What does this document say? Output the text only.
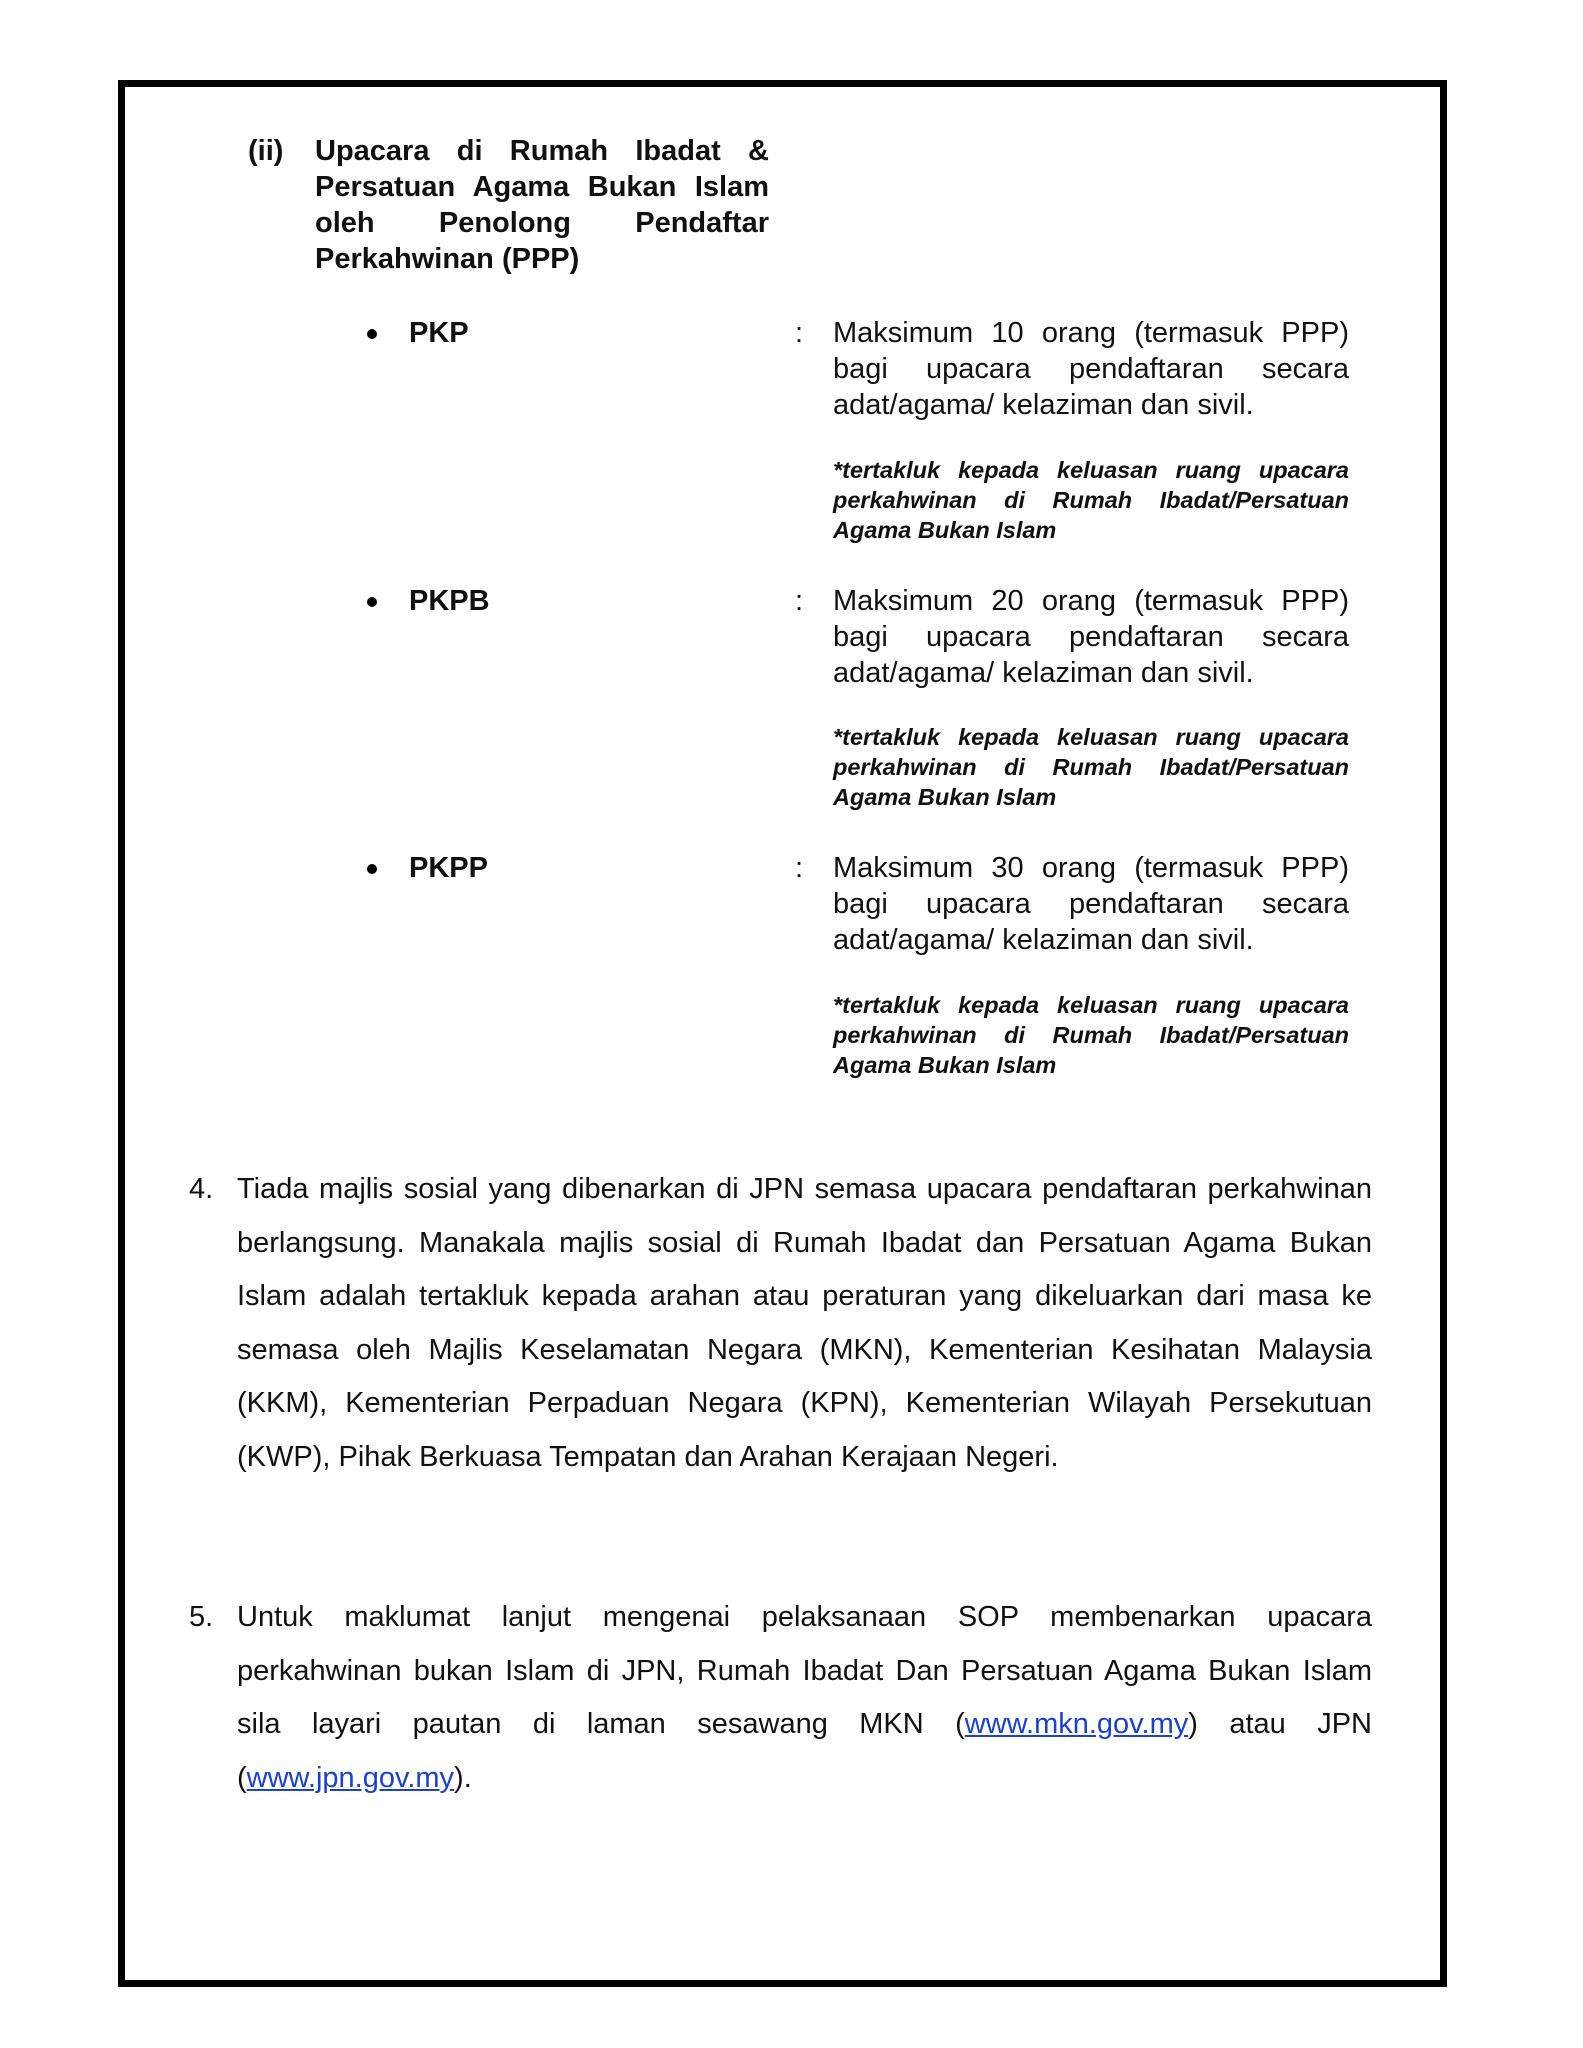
(ii) Upacara di Rumah Ibadat & Persatuan Agama Bukan Islam oleh Penolong Pendaftar Perkahwinan (PPP)
PKP	: Maksimum 10 orang (termasuk PPP) bagi upacara pendaftaran secara adat/agama/ kelaziman dan sivil.
*tertakluk kepada keluasan ruang upacara perkahwinan di Rumah Ibadat/Persatuan Agama Bukan Islam
PKPB	: Maksimum 20 orang (termasuk PPP) bagi upacara pendaftaran secara adat/agama/ kelaziman dan sivil.
*tertakluk kepada keluasan ruang upacara perkahwinan di Rumah Ibadat/Persatuan Agama Bukan Islam
PKPP	: Maksimum 30 orang (termasuk PPP) bagi upacara pendaftaran secara adat/agama/ kelaziman dan sivil.
*tertakluk kepada keluasan ruang upacara perkahwinan di Rumah Ibadat/Persatuan Agama Bukan Islam
4. Tiada majlis sosial yang dibenarkan di JPN semasa upacara pendaftaran perkahwinan berlangsung. Manakala majlis sosial di Rumah Ibadat dan Persatuan Agama Bukan Islam adalah tertakluk kepada arahan atau peraturan yang dikeluarkan dari masa ke semasa oleh Majlis Keselamatan Negara (MKN), Kementerian Kesihatan Malaysia (KKM), Kementerian Perpaduan Negara (KPN), Kementerian Wilayah Persekutuan (KWP), Pihak Berkuasa Tempatan dan Arahan Kerajaan Negeri.
5. Untuk maklumat lanjut mengenai pelaksanaan SOP membenarkan upacara perkahwinan bukan Islam di JPN, Rumah Ibadat Dan Persatuan Agama Bukan Islam sila layari pautan di laman sesawang MKN (www.mkn.gov.my) atau JPN (www.jpn.gov.my).
